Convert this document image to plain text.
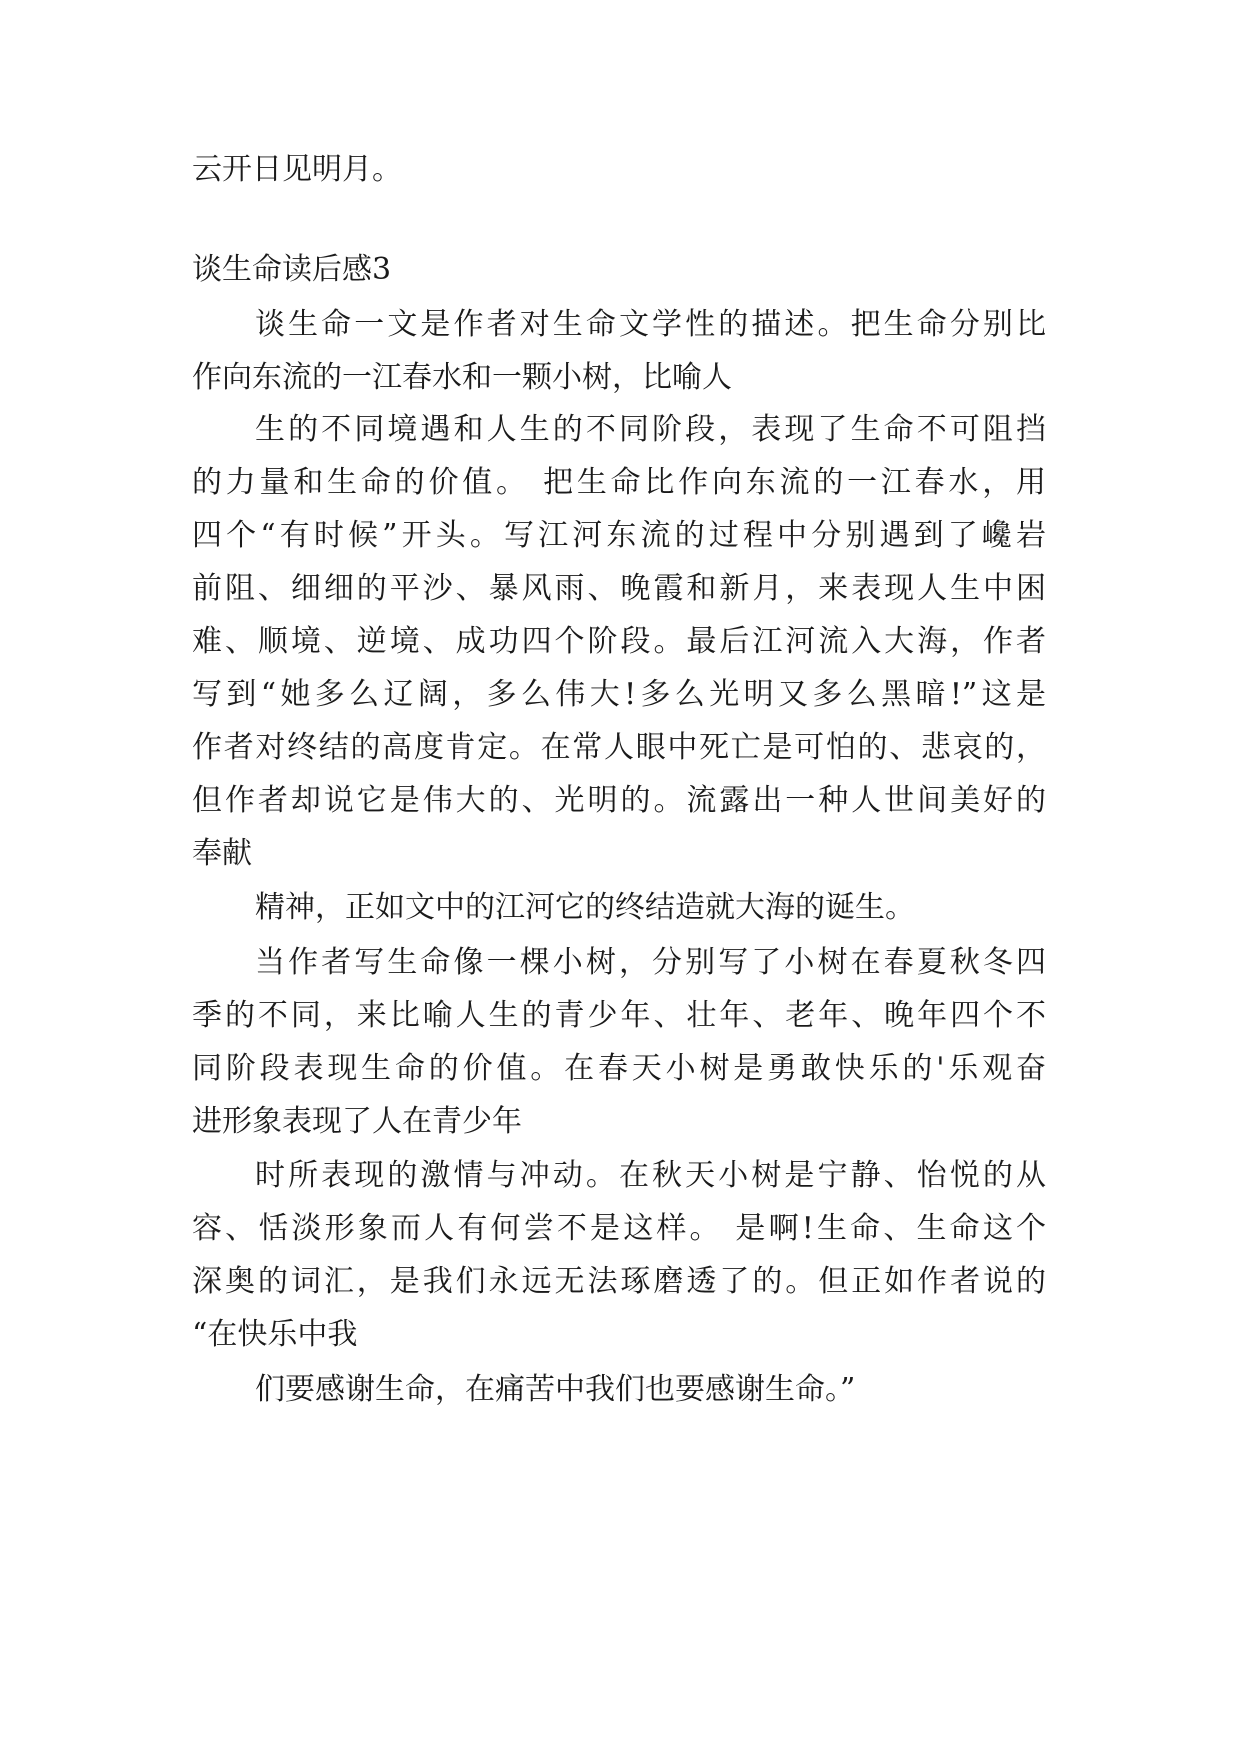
云开日见明月。
谈生命读后感3
谈生命一文是作者对生命文学性的描述。把生命分别比
作向东流的一江春水和一颗小树，比喻人
生的不同境遇和人生的不同阶段，表现了生命不可阻挡
的力量和生命的价值。 把生命比作向东流的一江春水，用
四个“有时候”开头。写江河东流的过程中分别遇到了巉岩
前阻、细细的平沙、暴风雨、晚霞和新月，来表现人生中困
难、顺境、逆境、成功四个阶段。最后江河流入大海，作者
写到“她多么辽阔，多么伟大!多么光明又多么黑暗!”这是
作者对终结的高度肯定。在常人眼中死亡是可怕的、悲哀的，
但作者却说它是伟大的、光明的。流露出一种人世间美好的
奉献
精神，正如文中的江河它的终结造就大海的诞生。
当作者写生命像一棵小树，分别写了小树在春夏秋冬四
季的不同，来比喻人生的青少年、壮年、老年、晚年四个不
同阶段表现生命的价值。在春天小树是勇敢快乐的'乐观奋
进形象表现了人在青少年
时所表现的激情与冲动。在秋天小树是宁静、怡悦的从
容、恬淡形象而人有何尝不是这样。 是啊!生命、生命这个
深奥的词汇，是我们永远无法琢磨透了的。但正如作者说的
“在快乐中我
们要感谢生命，在痛苦中我们也要感谢生命。”
